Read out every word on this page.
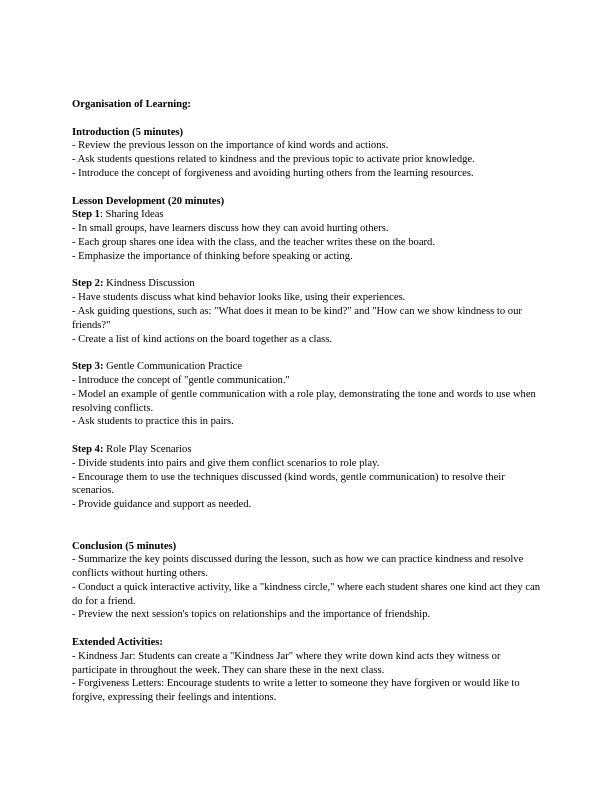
Organisation of Learning:
Introduction (5 minutes)
- Review the previous lesson on the importance of kind words and actions.
- Ask students questions related to kindness and the previous topic to activate prior knowledge.
- Introduce the concept of forgiveness and avoiding hurting others from the learning resources.
Lesson Development (20 minutes)
Step 1: Sharing Ideas
- In small groups, have learners discuss how they can avoid hurting others.
- Each group shares one idea with the class, and the teacher writes these on the board.
- Emphasize the importance of thinking before speaking or acting.
Step 2: Kindness Discussion
- Have students discuss what kind behavior looks like, using their experiences.
- Ask guiding questions, such as: "What does it mean to be kind?" and "How can we show kindness to our friends?"
- Create a list of kind actions on the board together as a class.
Step 3: Gentle Communication Practice
- Introduce the concept of "gentle communication."
- Model an example of gentle communication with a role play, demonstrating the tone and words to use when resolving conflicts.
- Ask students to practice this in pairs.
Step 4: Role Play Scenarios
- Divide students into pairs and give them conflict scenarios to role play.
- Encourage them to use the techniques discussed (kind words, gentle communication) to resolve their scenarios.
- Provide guidance and support as needed.
Conclusion (5 minutes)
- Summarize the key points discussed during the lesson, such as how we can practice kindness and resolve conflicts without hurting others.
- Conduct a quick interactive activity, like a "kindness circle," where each student shares one kind act they can do for a friend.
- Preview the next session's topics on relationships and the importance of friendship.
Extended Activities:
- Kindness Jar: Students can create a "Kindness Jar" where they write down kind acts they witness or participate in throughout the week. They can share these in the next class.
- Forgiveness Letters: Encourage students to write a letter to someone they have forgiven or would like to forgive, expressing their feelings and intentions.
